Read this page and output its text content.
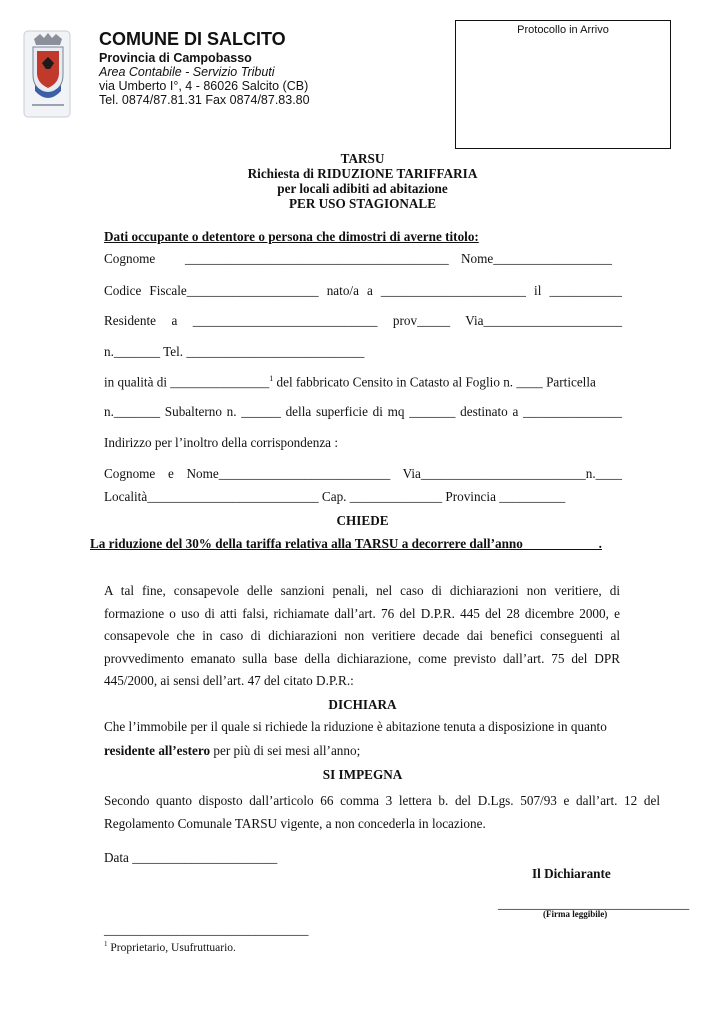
COMUNE DI SALCITO
Provincia di Campobasso
Area Contabile - Servizio Tributi
via Umberto I°, 4 - 86026 Salcito (CB)
Tel. 0874/87.81.31 Fax 0874/87.83.80
Protocollo in Arrivo
TARSU
Richiesta di RIDUZIONE TARIFFARIA
per locali adibiti ad abitazione
PER USO STAGIONALE
Dati occupante o detentore o persona che dimostri di averne titolo:
Cognome ________________________________________ Nome__________________
Codice Fiscale____________________ nato/a a ______________________ il ___________
Residente a ____________________________ prov_____ Via_____________________
n._______ Tel. ___________________________
in qualità di _______________$^1$ del fabbricato Censito in Catasto al Foglio n. ____ Particella
n._______ Subalterno n. ______ della superficie di mq _______ destinato a _______________
Indirizzo per l’inoltro della corrispondenza :
Cognome e Nome__________________________ Via_________________________n.____
Località__________________________ Cap. ______________ Provincia __________
CHIEDE
La riduzione del 30% della tariffa relativa alla TARSU a decorrere dall’anno___________ .
A tal fine, consapevole delle sanzioni penali, nel caso di dichiarazioni non veritiere, di formazione o uso di atti falsi, richiamate dall’art. 76 del D.P.R. 445 del 28 dicembre 2000, e consapevole che in caso di dichiarazioni non veritiere decade dai benefici conseguenti al provvedimento emanato sulla base della dichiarazione, come previsto dall’art. 75 del DPR 445/2000, ai sensi dell’art. 47 del citato D.P.R.:
DICHIARA
Che l’immobile per il quale si richiede la riduzione è abitazione tenuta a disposizione in quanto
residente all’estero per più di sei mesi all’anno;
SI IMPEGNA
Secondo quanto disposto dall’articolo 66 comma 3 lettera b. del D.Lgs. 507/93 e dall’art. 12 del Regolamento Comunale TARSU vigente, a non concederla in locazione.
Data ______________________
Il Dichiarante
_____________________________
(Firma leggibile)
_______________________________
$^1$ Proprietario, Usufruttuario.
